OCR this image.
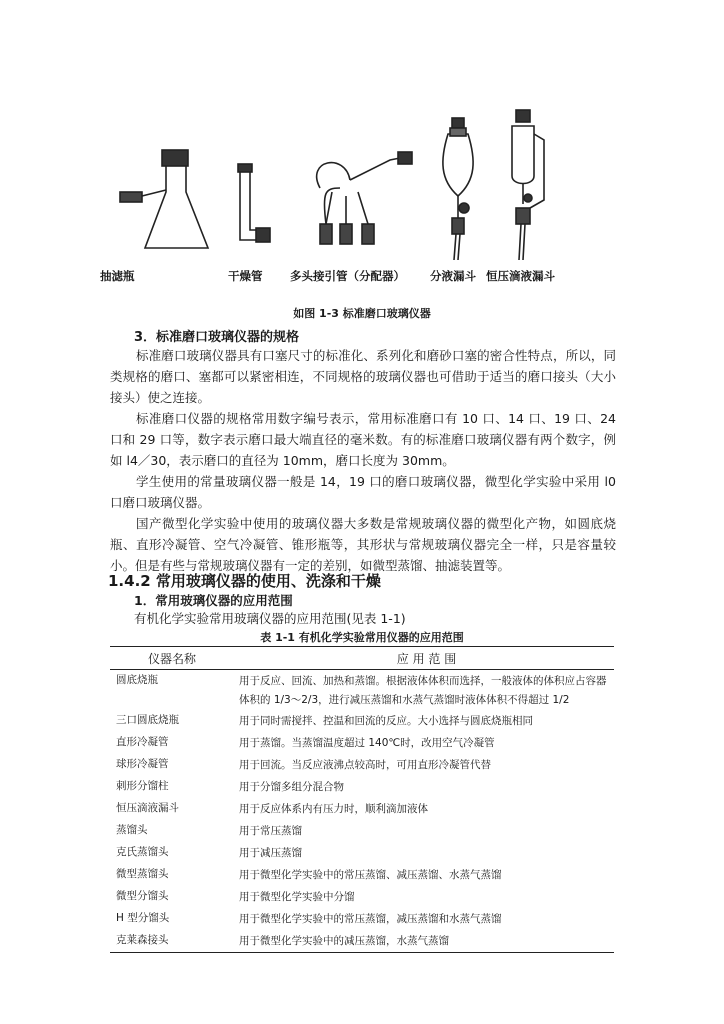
抽滤瓶	干燥管 多头接引管（分配器） 分液漏斗 恒压滴液漏斗
如图 1-3 标准磨口玻璃仪器
3．标准磨口玻璃仪器的规格
标准磨口玻璃仪器具有口塞尺寸的标准化、系列化和磨砂口塞的密合性特点，所以，同类规格的磨口、塞都可以紧密相连，不同规格的玻璃仪器也可借助于适当的磨口接头（大小接头）使之连接。
标准磨口仪器的规格常用数字编号表示，常用标准磨口有 10 口、14 口、19 口、24 口和 29 口等，数字表示磨口最大端直径的毫米数。有的标准磨口玻璃仪器有两个数字，例如 l4／30，表示磨口的直径为 10mm，磨口长度为 30mm。
学生使用的常量玻璃仪器一般是 14，19 口的磨口玻璃仪器，微型化学实验中采用 l0 口磨口玻璃仪器。
国产微型化学实验中使用的玻璃仪器大多数是常规玻璃仪器的微型化产物，如圆底烧瓶、直形冷凝管、空气冷凝管、锥形瓶等，其形状与常规玻璃仪器完全一样，只是容量较小。但是有些与常规玻璃仪器有一定的差别，如微型蒸馏、抽滤装置等。
1.4.2 常用玻璃仪器的使用、洗涤和干燥
1．常用玻璃仪器的应用范围
有机化学实验常用玻璃仪器的应用范围(见表 1-1)
表 1-1 有机化学实验常用仪器的应用范围
仪器名称	应 用 范 围
圆底烧瓶	用于反应、回流、加热和蒸馏。根据液体体积而选择，一般液体的体积应占容器体积的 1/3～2/3，进行减压蒸馏和水蒸气蒸馏时液体体积不得超过 1/2
三口圆底烧瓶	用于同时需搅拌、控温和回流的反应。大小选择与圆底烧瓶相同
直形冷凝管	用于蒸馏。当蒸馏温度超过 140℃时，改用空气冷凝管
球形冷凝管	用于回流。当反应液沸点较高时，可用直形冷凝管代替
刺形分馏柱	用于分馏多组分混合物
恒压滴液漏斗	用于反应体系内有压力时，顺利滴加液体
蒸馏头	用于常压蒸馏
克氏蒸馏头	用于减压蒸馏
微型蒸馏头	用于微型化学实验中的常压蒸馏、减压蒸馏、水蒸气蒸馏
微型分馏头	用于微型化学实验中分馏
H 型分馏头	用于微型化学实验中的常压蒸馏，减压蒸馏和水蒸气蒸馏
克莱森接头	用于微型化学实验中的减压蒸馏，水蒸气蒸馏
